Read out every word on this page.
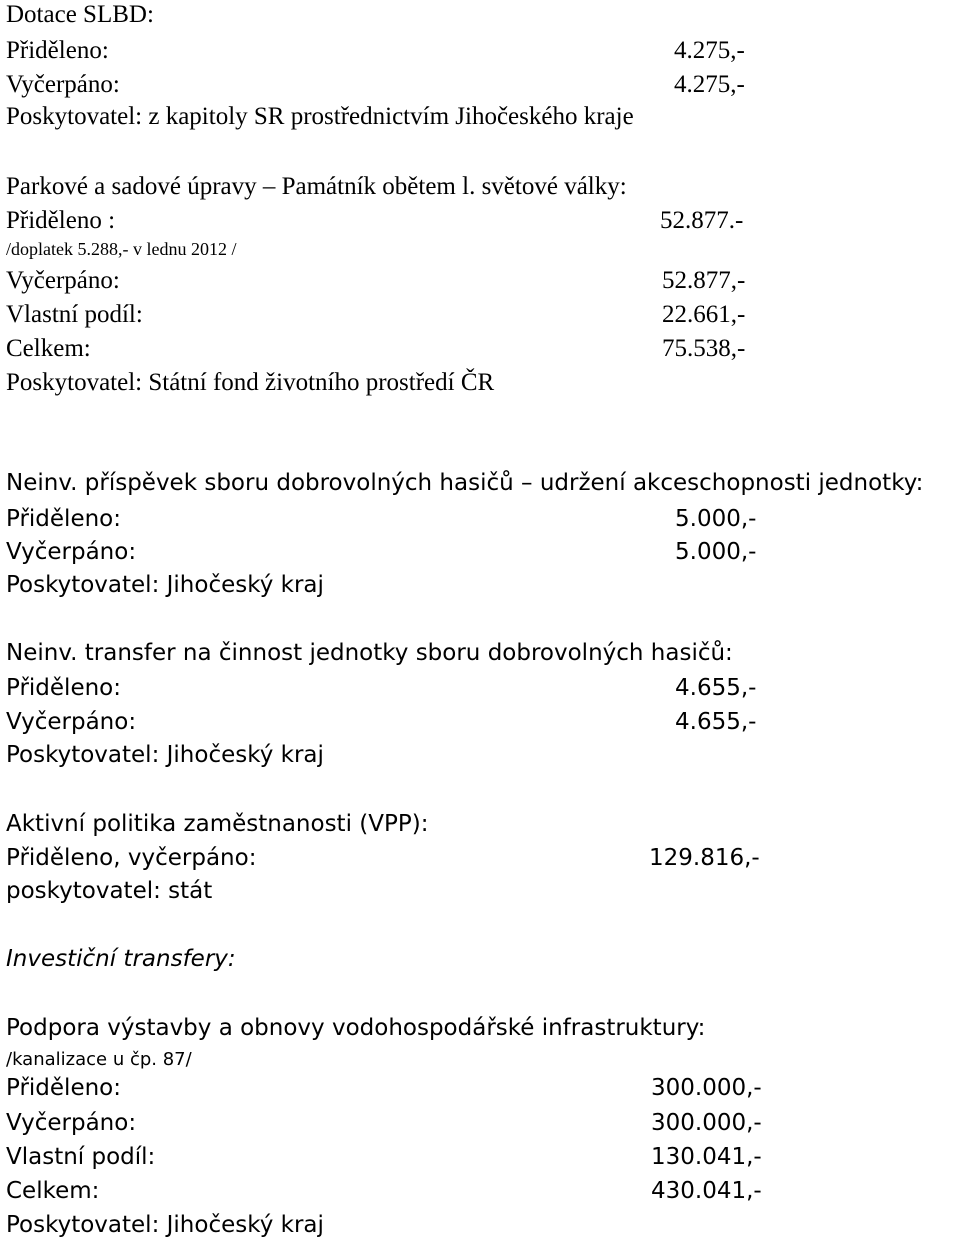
Dotace SLBD:
Přiděleno:	4.275,-
Vyčerpáno:	4.275,-
Poskytovatel: z kapitoly SR prostřednictvím Jihočeského kraje
Parkové a sadové úpravy – Památník obětem l. světové války:
Přiděleno :	52.877.-
/doplatek 5.288,- v lednu 2012 /
Vyčerpáno:	52.877,-
Vlastní podíl:	22.661,-
Celkem:	75.538,-
Poskytovatel: Státní fond životního prostředí ČR
Neinv. příspěvek sboru dobrovolných hasičů – udržení akceschopnosti jednotky:
Přiděleno:	5.000,-
Vyčerpáno:	5.000,-
Poskytovatel: Jihočeský kraj
Neinv. transfer na činnost jednotky sboru dobrovolných hasičů:
Přiděleno:	4.655,-
Vyčerpáno:	4.655,-
Poskytovatel: Jihočeský kraj
Aktivní politika zaměstnanosti (VPP):
Přiděleno, vyčerpáno:	129.816,-
poskytovatel: stát
Investiční transfery:
Podpora výstavby a obnovy vodohospodářské infrastruktury:
/kanalizace u čp. 87/
Přiděleno:	300.000,-
Vyčerpáno:	300.000,-
Vlastní podíl:	130.041,-
Celkem:	430.041,-
Poskytovatel: Jihočeský kraj
